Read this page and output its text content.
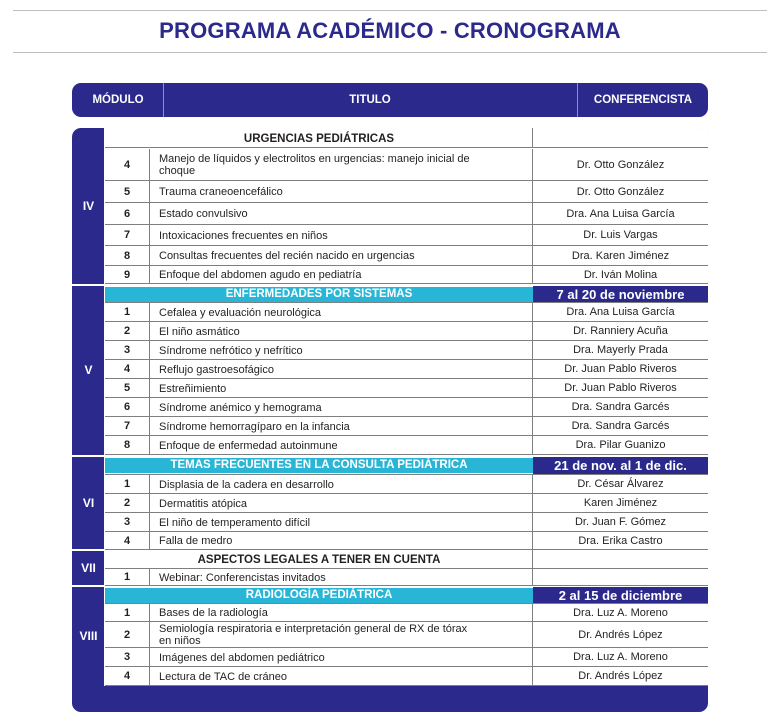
PROGRAMA ACADÉMICO - CRONOGRAMA
MÓDULO	TITULO	CONFERENCISTA
IV
URGENCIAS PEDIÁTRICAS
4	Manejo de líquidos y electrolitos en urgencias: manejo inicial de choque	Dr. Otto González
5	Trauma craneoencefálico	Dr. Otto González
6	Estado convulsivo	Dra. Ana Luisa García
7	Intoxicaciones frecuentes en niños	Dr. Luis Vargas
8	Consultas frecuentes del recién nacido en urgencias	Dra. Karen Jiménez
9	Enfoque del abdomen agudo en pediatría	Dr. Iván Molina
V
ENFERMEDADES POR SISTEMAS	7 al 20 de noviembre
1	Cefalea y evaluación neurológica	Dra. Ana Luisa García
2	El niño asmático	Dr. Ranniery Acuña
3	Síndrome nefrótico y nefrítico	Dra. Mayerly Prada
4	Reflujo gastroesofágico	Dr. Juan Pablo Riveros
5	Estreñimiento	Dr. Juan Pablo Riveros
6	Síndrome anémico y hemograma	Dra. Sandra Garcés
7	Síndrome hemorragíparo en la infancia	Dra. Sandra Garcés
8	Enfoque de enfermedad autoinmune	Dra. Pilar Guanizo
VI
TEMAS FRECUENTES EN LA CONSULTA PEDIÁTRICA	21 de nov. al 1 de dic.
1	Displasia de la cadera en desarrollo	Dr. César Álvarez
2	Dermatitis atópica	Karen Jiménez
3	El niño de temperamento difícil	Dr. Juan F. Gómez
4	Falla de medro	Dra. Erika Castro
VII
ASPECTOS LEGALES A TENER EN CUENTA
1	Webinar: Conferencistas invitados
VIII
RADIOLOGÍA PEDIÁTRICA	2 al 15 de diciembre
1	Bases de la radiología	Dra. Luz A. Moreno
2	Semiología respiratoria e interpretación general de RX de tórax en niños	Dr. Andrés López
3	Imágenes del abdomen pediátrico	Dra. Luz A. Moreno
4	Lectura de TAC de cráneo	Dr. Andrés López
